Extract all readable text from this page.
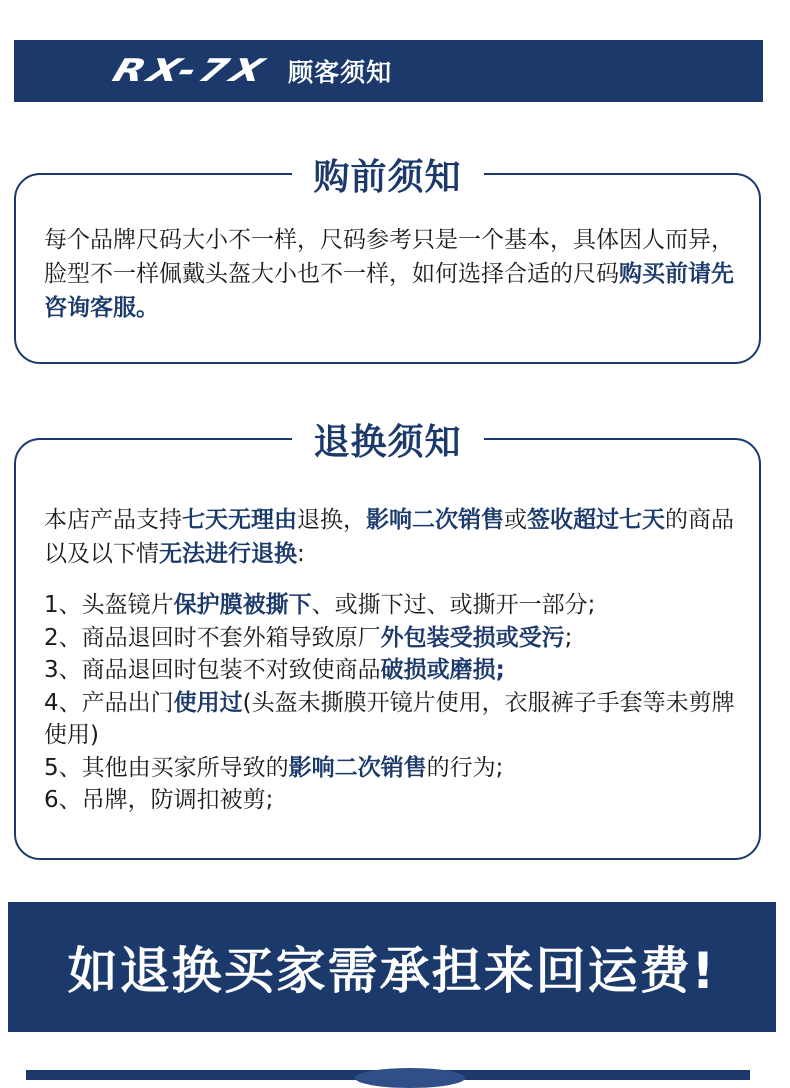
RX-7X 顾客须知
购前须知
每个品牌尺码大小不一样，尺码参考只是一个基本，具体因人而异，脸型不一样佩戴头盔大小也不一样，如何选择合适的尺码购买前请先咨询客服。
退换须知
本店产品支持七天无理由退换，影响二次销售或签收超过七天的商品以及以下情无法进行退换:
1、头盔镜片保护膜被撕下、或撕下过、或撕开一部分;
2、商品退回时不套外箱导致原厂外包装受损或受污;
3、商品退回时包装不对致使商品破损或磨损;
4、产品出门使用过(头盔未撕膜开镜片使用，衣服裤子手套等未剪牌使用)
5、其他由买家所导致的影响二次销售的行为;
6、吊牌，防调扣被剪;
如退换买家需承担来回运费!
